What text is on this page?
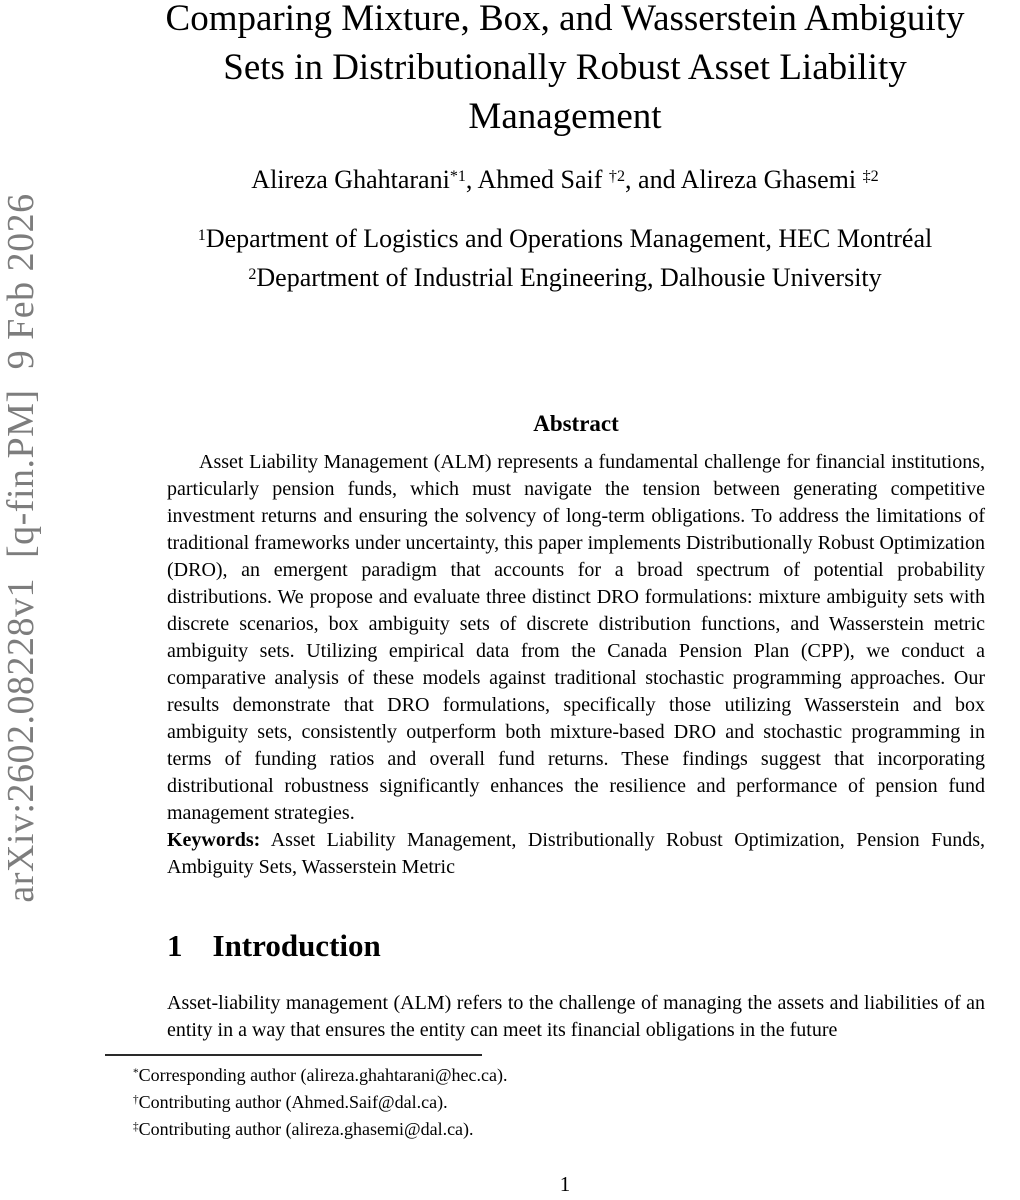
arXiv:2602.08228v1  [q-fin.PM]  9 Feb 2026
Comparing Mixture, Box, and Wasserstein Ambiguity
Sets in Distributionally Robust Asset Liability
Management
Alireza Ghahtarani$^{*1}$, Ahmed Saif $^{\dagger 2}$, and Alireza Ghasemi $^{\ddagger 2}$
$^1$Department of Logistics and Operations Management, HEC Montréal
$^2$Department of Industrial Engineering, Dalhousie University
Abstract

Asset Liability Management (ALM) represents a fundamental challenge for financial institutions, particularly pension funds, which must navigate the tension between generating competitive investment returns and ensuring the solvency of long-term obligations. To address the limitations of traditional frameworks under uncertainty, this paper implements Distributionally Robust Optimization (DRO), an emergent paradigm that accounts for a broad spectrum of potential probability distributions. We propose and evaluate three distinct DRO formulations: mixture ambiguity sets with discrete scenarios, box ambiguity sets of discrete distribution functions, and Wasserstein metric ambiguity sets. Utilizing empirical data from the Canada Pension Plan (CPP), we conduct a comparative analysis of these models against traditional stochastic programming approaches. Our results demonstrate that DRO formulations, specifically those utilizing Wasserstein and box ambiguity sets, consistently outperform both mixture-based DRO and stochastic programming in terms of funding ratios and overall fund returns. These findings suggest that incorporating distributional robustness significantly enhances the resilience and performance of pension fund management strategies.

Keywords: Asset Liability Management, Distributionally Robust Optimization, Pension Funds, Ambiguity Sets, Wasserstein Metric

1 Introduction

Asset-liability management (ALM) refers to the challenge of managing the assets and liabilities of an entity in a way that ensures the entity can meet its financial obligations in the future

*Corresponding author (alireza.ghahtarani@hec.ca).
†Contributing author (Ahmed.Saif@dal.ca).
‡Contributing author (alireza.ghasemi@dal.ca).
1
